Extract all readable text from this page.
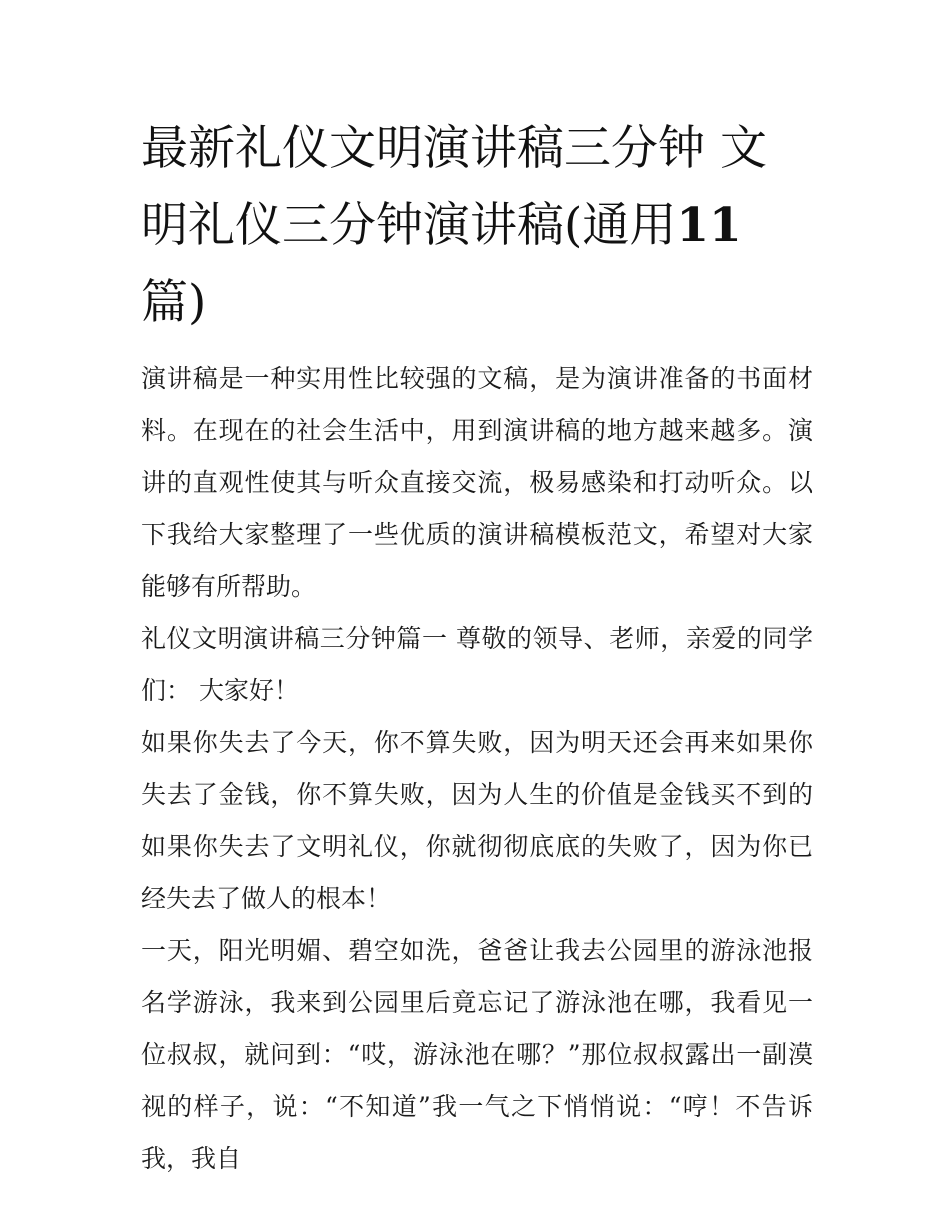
最新礼仪文明演讲稿三分钟 文明礼仪三分钟演讲稿(通用11
篇)

演讲稿是一种实用性比较强的文稿，是为演讲准备的书面材料。在现在的社会生活中，用到演讲稿的地方越来越多。演讲的直观性使其与听众直接交流，极易感染和打动听众。以下我给大家整理了一些优质的演讲稿模板范文，希望对大家能够有所帮助。

礼仪文明演讲稿三分钟篇一 尊敬的领导、老师，亲爱的同学们： 大家好！

如果你失去了今天，你不算失败，因为明天还会再来如果你失去了金钱，你不算失败，因为人生的价值是金钱买不到的如果你失去了文明礼仪，你就彻彻底底的失败了，因为你已经失去了做人的根本！

一天，阳光明媚、碧空如洗，爸爸让我去公园里的游泳池报名学游泳，我来到公园里后竟忘记了游泳池在哪，我看见一位叔叔，就问到：“哎，游泳池在哪？”那位叔叔露出一副漠视的样子，说：“不知道”我一气之下悄悄说：“哼！不告诉我，我自
